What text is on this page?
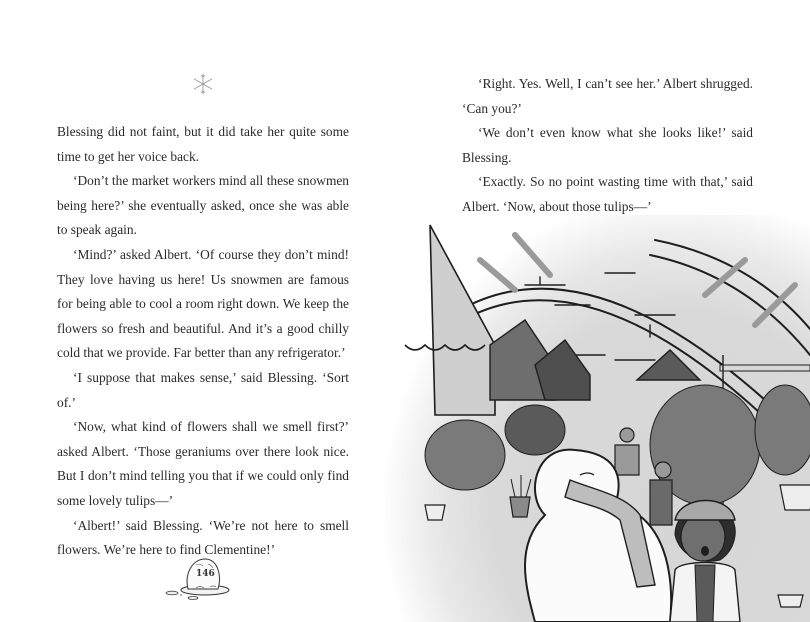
Blessing did not faint, but it did take her quite some time to get her voice back.

‘Don’t the market workers mind all these snowmen being here?’ she eventually asked, once she was able to speak again.

‘Mind?’ asked Albert. ‘Of course they don’t mind! They love having us here! Us snowmen are famous for being able to cool a room right down. We keep the flowers so fresh and beautiful. And it’s a good chilly cold that we provide. Far better than any refrigerator.’

‘I suppose that makes sense,’ said Blessing. ‘Sort of.’

‘Now, what kind of flowers shall we smell first?’ asked Albert. ‘Those geraniums over there look nice. But I don’t mind telling you that if we could only find some lovely tulips—’

‘Albert!’ said Blessing. ‘We’re not here to smell flowers. We’re here to find Clementine!’

146

‘Right. Yes. Well, I can’t see her.’ Albert shrugged. ‘Can you?’

‘We don’t even know what she looks like!’ said Blessing.

‘Exactly. So no point wasting time with that,’ said Albert. ‘Now, about those tulips—’
